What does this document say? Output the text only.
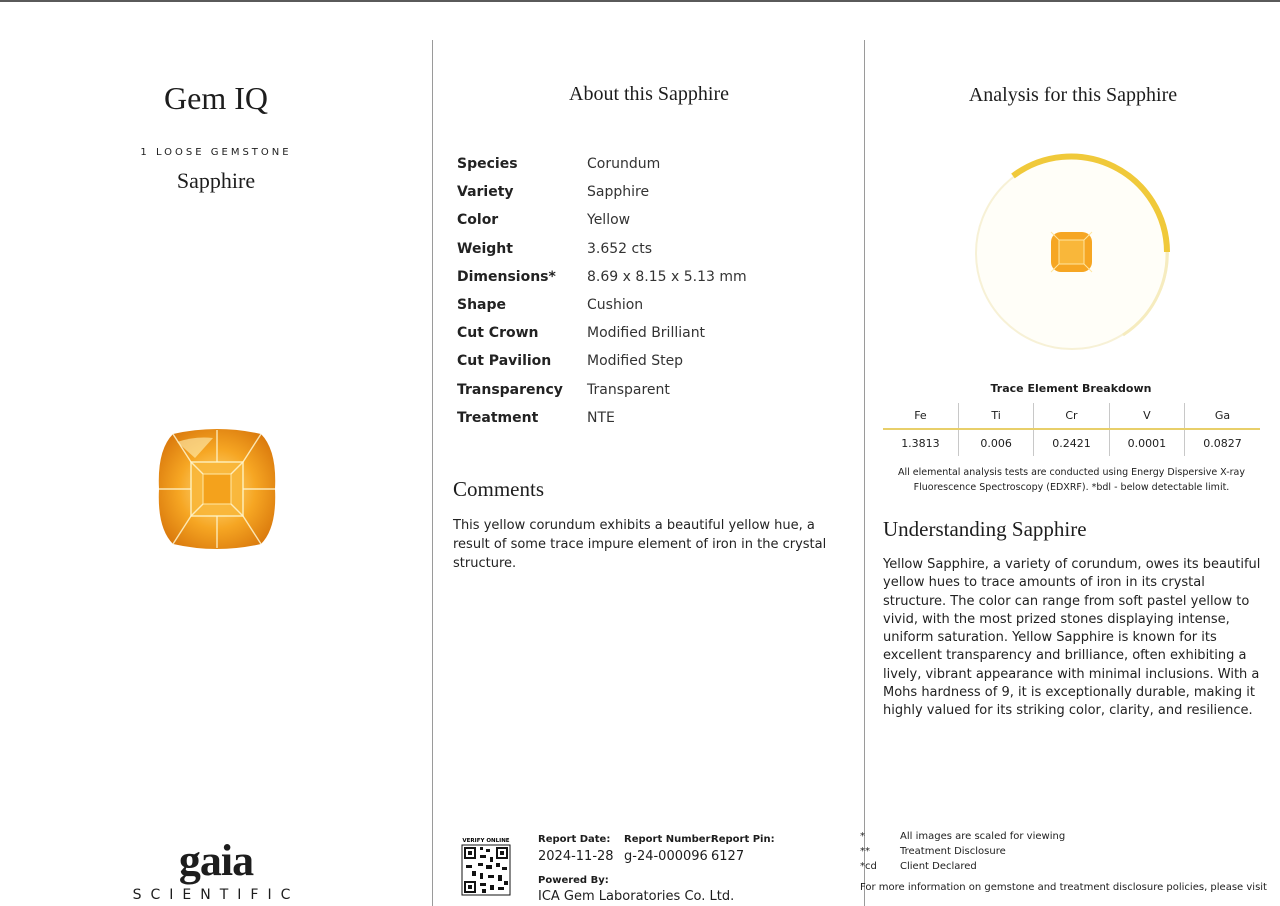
Gem IQ
1 LOOSE GEMSTONE
Sapphire
gaia
SCIENTIFIC
About this Sapphire
Species	Corundum
Variety	Sapphire
Color	Yellow
Weight	3.652 cts
Dimensions*	8.69 x 8.15 x 5.13 mm
Shape	Cushion
Cut Crown	Modified Brilliant
Cut Pavilion	Modified Step
Transparency	Transparent
Treatment	NTE
Comments
This yellow corundum exhibits a beautiful yellow hue, a result of some trace impure element of iron in the crystal structure.
Analysis for this Sapphire
Trace Element Breakdown
Fe	Ti	Cr	V	Ga
1.3813	0.006	0.2421	0.0001	0.0827
All elemental analysis tests are conducted using Energy Dispersive X-ray Fluorescence Spectroscopy (EDXRF). *bdl - below detectable limit.
Understanding Sapphire
Yellow Sapphire, a variety of corundum, owes its beautiful yellow hues to trace amounts of iron in its crystal structure. The color can range from soft pastel yellow to vivid, with the most prized stones displaying intense, uniform saturation. Yellow Sapphire is known for its excellent transparency and brilliance, often exhibiting a lively, vibrant appearance with minimal inclusions. With a Mohs hardness of 9, it is exceptionally durable, making it highly valued for its striking color, clarity, and resilience.
VERIFY ONLINE	Report Date:
2024-11-28
Report Number:
g-24-000096
Report Pin:
6127
Powered By:
ICA Gem Laboratories Co. Ltd.
*	All images are scaled for viewing
**	Treatment Disclosure
*cd Client Declared
For more information on gemstone and treatment disclosure policies, please visit
